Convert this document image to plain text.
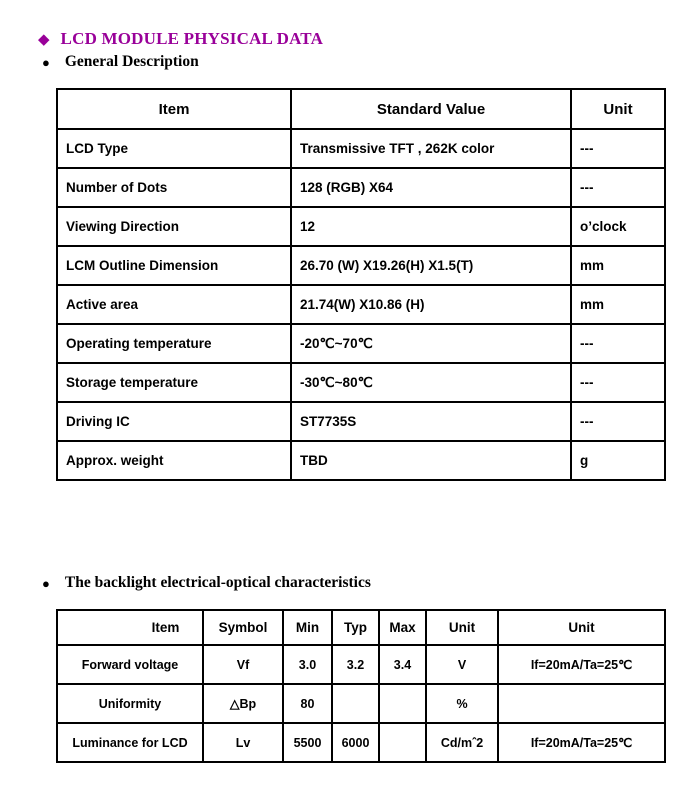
◆ LCD MODULE PHYSICAL DATA
● General Description
Item	Standard Value	Unit
LCD Type	Transmissive TFT , 262K color	---
Number of Dots	128 (RGB) X64	---
Viewing Direction	12	o’clock
LCM Outline Dimension	26.70 (W) X19.26(H) X1.5(T)	mm
Active area	21.74(W) X10.86 (H)	mm
Operating temperature	-20℃~70℃	---
Storage temperature	-30℃~80℃	---
Driving IC	ST7735S	---
Approx. weight	TBD	g
● The backlight electrical-optical characteristics
Item	Symbol	Min	Typ	Max	Unit	Unit
Forward voltage	Vf	3.0	3.2	3.4	V	If=20mA/Ta=25℃
Uniformity	△Bp	80			%	
Luminance for LCD	Lv	5500	6000		Cd/mˆ2	If=20mA/Ta=25℃
